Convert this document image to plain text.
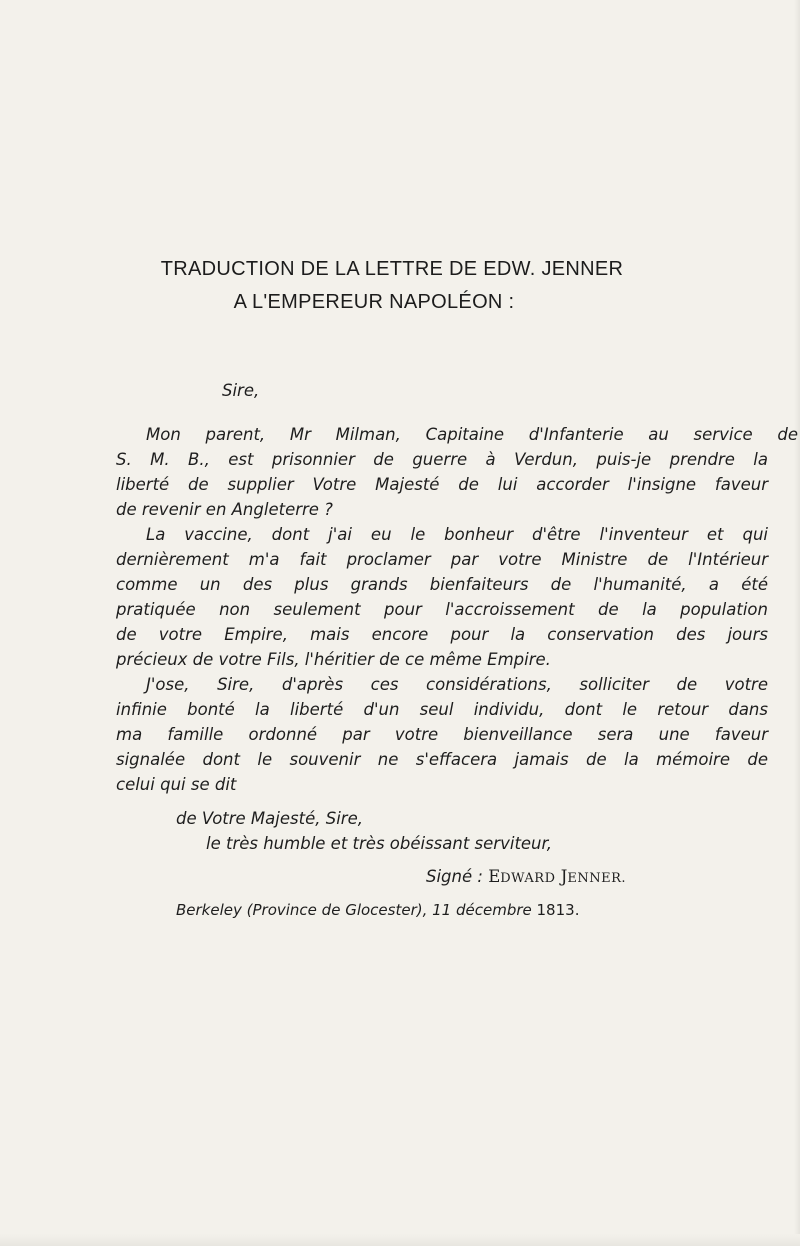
TRADUCTION DE LA LETTRE DE EDW. JENNER
A L'EMPEREUR NAPOLÉON :
Sire,
Mon parent, Mr Milman, Capitaine d'Infanterie au service de
S. M. B., est prisonnier de guerre à Verdun, puis-je prendre la
liberté de supplier Votre Majesté de lui accorder l'insigne faveur
de revenir en Angleterre ?
La vaccine, dont j'ai eu le bonheur d'être l'inventeur et qui
dernièrement m'a fait proclamer par votre Ministre de l'Intérieur
comme un des plus grands bienfaiteurs de l'humanité, a été
pratiquée non seulement pour l'accroissement de la population
de votre Empire, mais encore pour la conservation des jours
précieux de votre Fils, l'héritier de ce même Empire.
J'ose, Sire, d'après ces considérations, solliciter de votre
infinie bonté la liberté d'un seul individu, dont le retour dans
ma famille ordonné par votre bienveillance sera une faveur
signalée dont le souvenir ne s'effacera jamais de la mémoire de
celui qui se dit
de Votre Majesté, Sire,
le très humble et très obéissant serviteur,
Signé : EDWARD JENNER.
Berkeley (Province de Glocester), 11 décembre 1813.
